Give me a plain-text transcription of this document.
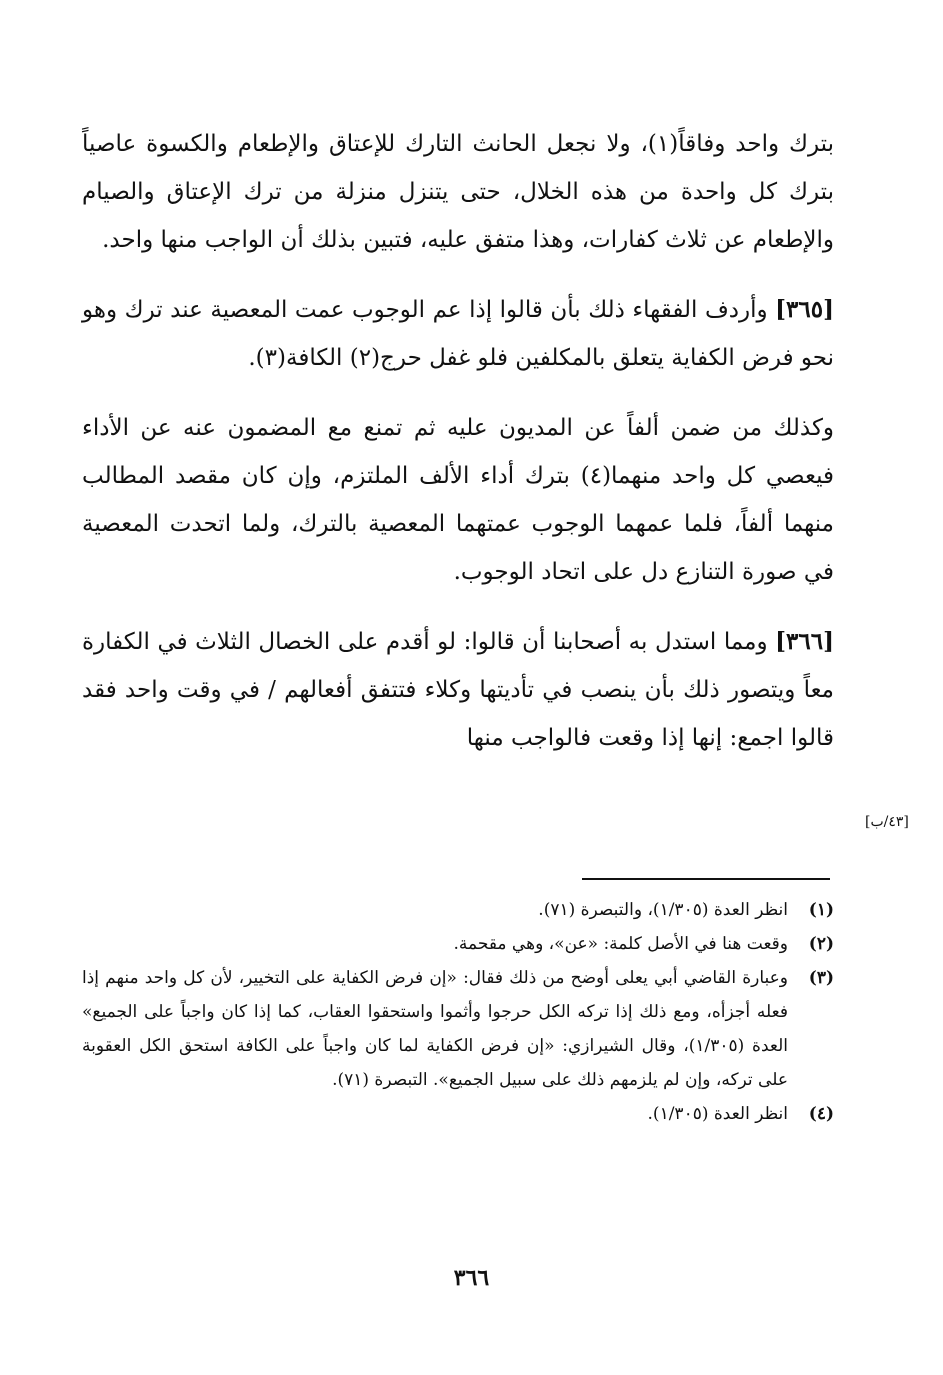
بترك واحد وفاقاً(١)، ولا نجعل الحانث التارك للإعتاق والإطعام والكسوة عاصياً بترك كل واحدة من هذه الخلال، حتى يتنزل منزلة من ترك الإعتاق والصيام والإطعام عن ثلاث كفارات، وهذا متفق عليه، فتبين بذلك أن الواجب منها واحد.

[٣٦٥] وأردف الفقهاء ذلك بأن قالوا إذا عم الوجوب عمت المعصية عند ترك وهو نحو فرض الكفاية يتعلق بالمكلفين فلو غفل حرج(٢) الكافة(٣).

وكذلك من ضمن ألفاً عن المديون عليه ثم تمنع مع المضمون عنه عن الأداء فيعصي كل واحد منهما(٤) بترك أداء الألف الملتزم، وإن كان مقصد المطالب منهما ألفاً، فلما عمهما الوجوب عمتهما المعصية بالترك، ولما اتحدت المعصية في صورة التنازع دل على اتحاد الوجوب.

[٣٦٦] ومما استدل به أصحابنا أن قالوا: لو أقدم على الخصال الثلاث في الكفارة معاً ويتصور ذلك بأن ينصب في تأديتها وكلاء فتتفق أفعالهم / في وقت واحد فقد قالوا اجمع: إنها إذا وقعت فالواجب منها

[٤٣/ب]
(١)
انظر العدة (١/٣٠٥)، والتبصرة (٧١).
(٢)
وقعت هنا في الأصل كلمة: «عن»، وهي مقحمة.
(٣)
وعبارة القاضي أبي يعلى أوضح من ذلك فقال: «إن فرض الكفاية على التخيير، لأن كل واحد منهم إذا فعله أجزأه، ومع ذلك إذا تركه الكل حرجوا وأثموا واستحقوا العقاب، كما إذا كان واجباً على الجميع» العدة (١/٣٠٥)، وقال الشيرازي: «إن فرض الكفاية لما كان واجباً على الكافة استحق الكل العقوبة على تركه، وإن لم يلزمهم ذلك على سبيل الجميع». التبصرة (٧١).
(٤)
انظر العدة (١/٣٠٥).
٣٦٦
